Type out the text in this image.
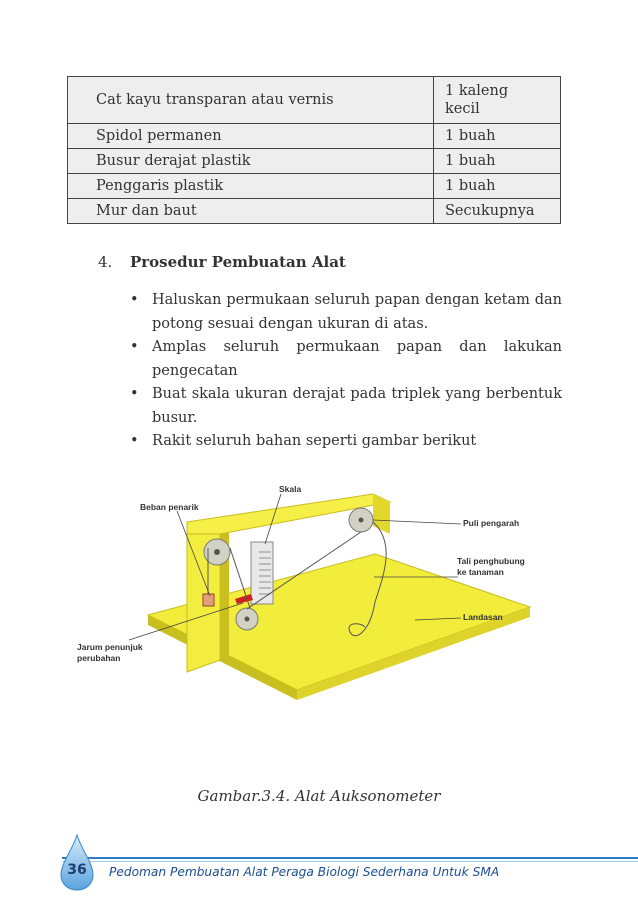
Cat kayu transparan atau vernis	1 kaleng
kecil
Spidol permanen	1 buah
Busur derajat plastik	1 buah
Penggaris plastik	1 buah
Mur dan baut	Secukupnya
4. Prosedur Pembuatan Alat
• Haluskan permukaan seluruh papan dengan ketam dan potong sesuai dengan ukuran di atas.
• Amplas seluruh permukaan papan dan lakukan pengecatan
• Buat skala ukuran derajat pada triplek yang berbentuk busur.
• Rakit seluruh bahan seperti gambar berikut
Beban penarik
Skala
Puli pengarah
Tali penghubung
ke tanaman
Landasan
Jarum penunjuk
perubahan
Gambar.3.4. Alat Auksonometer
36	Pedoman Pembuatan Alat Peraga Biologi Sederhana Untuk SMA
